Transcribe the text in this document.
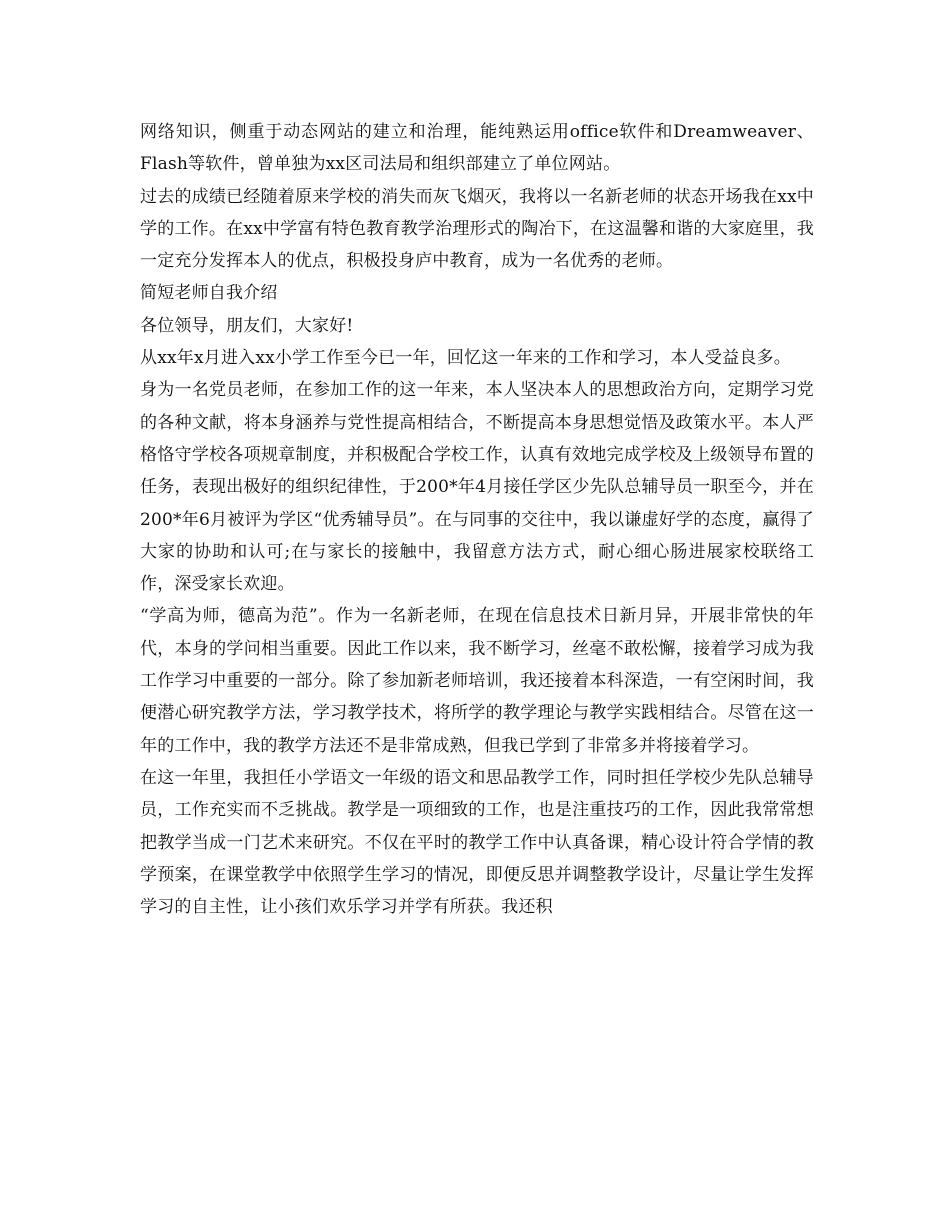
网络知识，侧重于动态网站的建立和治理，能纯熟运用office软件和Dreamweaver、Flash等软件，曾单独为xx区司法局和组织部建立了单位网站。

过去的成绩已经随着原来学校的消失而灰飞烟灭，我将以一名新老师的状态开场我在xx中学的工作。在xx中学富有特色教育教学治理形式的陶冶下，在这温馨和谐的大家庭里，我一定充分发挥本人的优点，积极投身庐中教育，成为一名优秀的老师。

简短老师自我介绍

各位领导，朋友们，大家好!

从xx年x月进入xx小学工作至今已一年，回忆这一年来的工作和学习，本人受益良多。

身为一名党员老师，在参加工作的这一年来，本人坚决本人的思想政治方向，定期学习党的各种文献，将本身涵养与党性提高相结合，不断提高本身思想觉悟及政策水平。本人严格恪守学校各项规章制度，并积极配合学校工作，认真有效地完成学校及上级领导布置的任务，表现出极好的组织纪律性，于200*年4月接任学区少先队总辅导员一职至今，并在200*年6月被评为学区“优秀辅导员”。在与同事的交往中，我以谦虚好学的态度，赢得了大家的协助和认可;在与家长的接触中，我留意方法方式，耐心细心肠进展家校联络工作，深受家长欢迎。

“学高为师，德高为范”。作为一名新老师，在现在信息技术日新月异，开展非常快的年代，本身的学问相当重要。因此工作以来，我不断学习，丝毫不敢松懈，接着学习成为我工作学习中重要的一部分。除了参加新老师培训，我还接着本科深造，一有空闲时间，我便潜心研究教学方法，学习教学技术，将所学的教学理论与教学实践相结合。尽管在这一年的工作中，我的教学方法还不是非常成熟，但我已学到了非常多并将接着学习。

在这一年里，我担任小学语文一年级的语文和思品教学工作，同时担任学校少先队总辅导员，工作充实而不乏挑战。教学是一项细致的工作，也是注重技巧的工作，因此我常常想把教学当成一门艺术来研究。不仅在平时的教学工作中认真备课，精心设计符合学情的教学预案，在课堂教学中依照学生学习的情况，即便反思并调整教学设计，尽量让学生发挥学习的自主性，让小孩们欢乐学习并学有所获。我还积
